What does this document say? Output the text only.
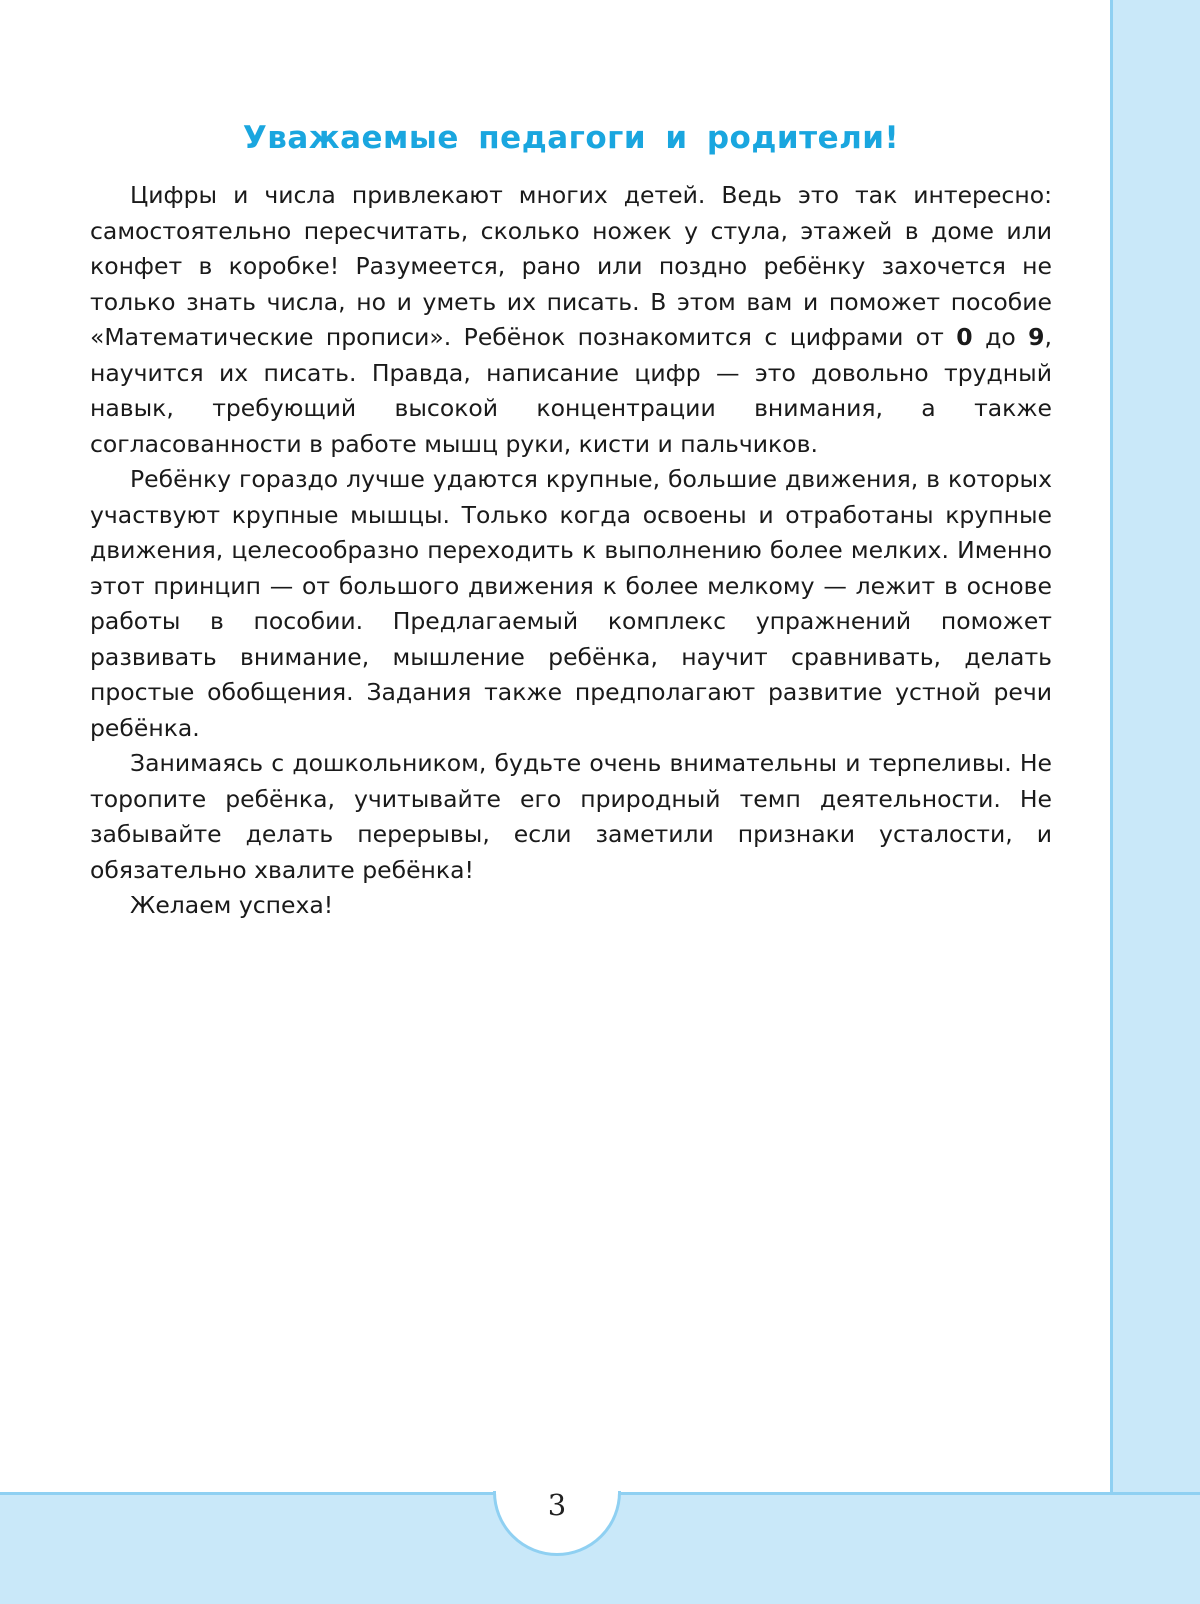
3
Уважаемые педагоги и родители!

Цифры и числа привлекают многих детей. Ведь это так интересно: самостоятельно пересчитать, сколько ножек у стула, этажей в доме или конфет в коробке! Разумеется, рано или поздно ребёнку захочется не только знать числа, но и уметь их писать. В этом вам и поможет пособие «Математические прописи». Ребёнок познакомится с цифрами от 0 до 9, научится их писать. Правда, написание цифр — это довольно трудный навык, требующий высокой концентрации внимания, а также согласованности в работе мышц руки, кисти и пальчиков.

Ребёнку гораздо лучше удаются крупные, большие движения, в которых участвуют крупные мышцы. Только когда освоены и отработаны крупные движения, целесообразно переходить к выполнению более мелких. Именно этот принцип — от большого движения к более мелкому — лежит в основе работы в пособии. Предлагаемый комплекс упражнений поможет развивать внимание, мышление ребёнка, научит сравнивать, делать простые обобщения. Задания также предполагают развитие устной речи ребёнка.

Занимаясь с дошкольником, будьте очень внимательны и терпеливы. Не торопите ребёнка, учитывайте его природный темп деятельности. Не забывайте делать перерывы, если заметили признаки усталости, и обязательно хвалите ребёнка!

Желаем успеха!
